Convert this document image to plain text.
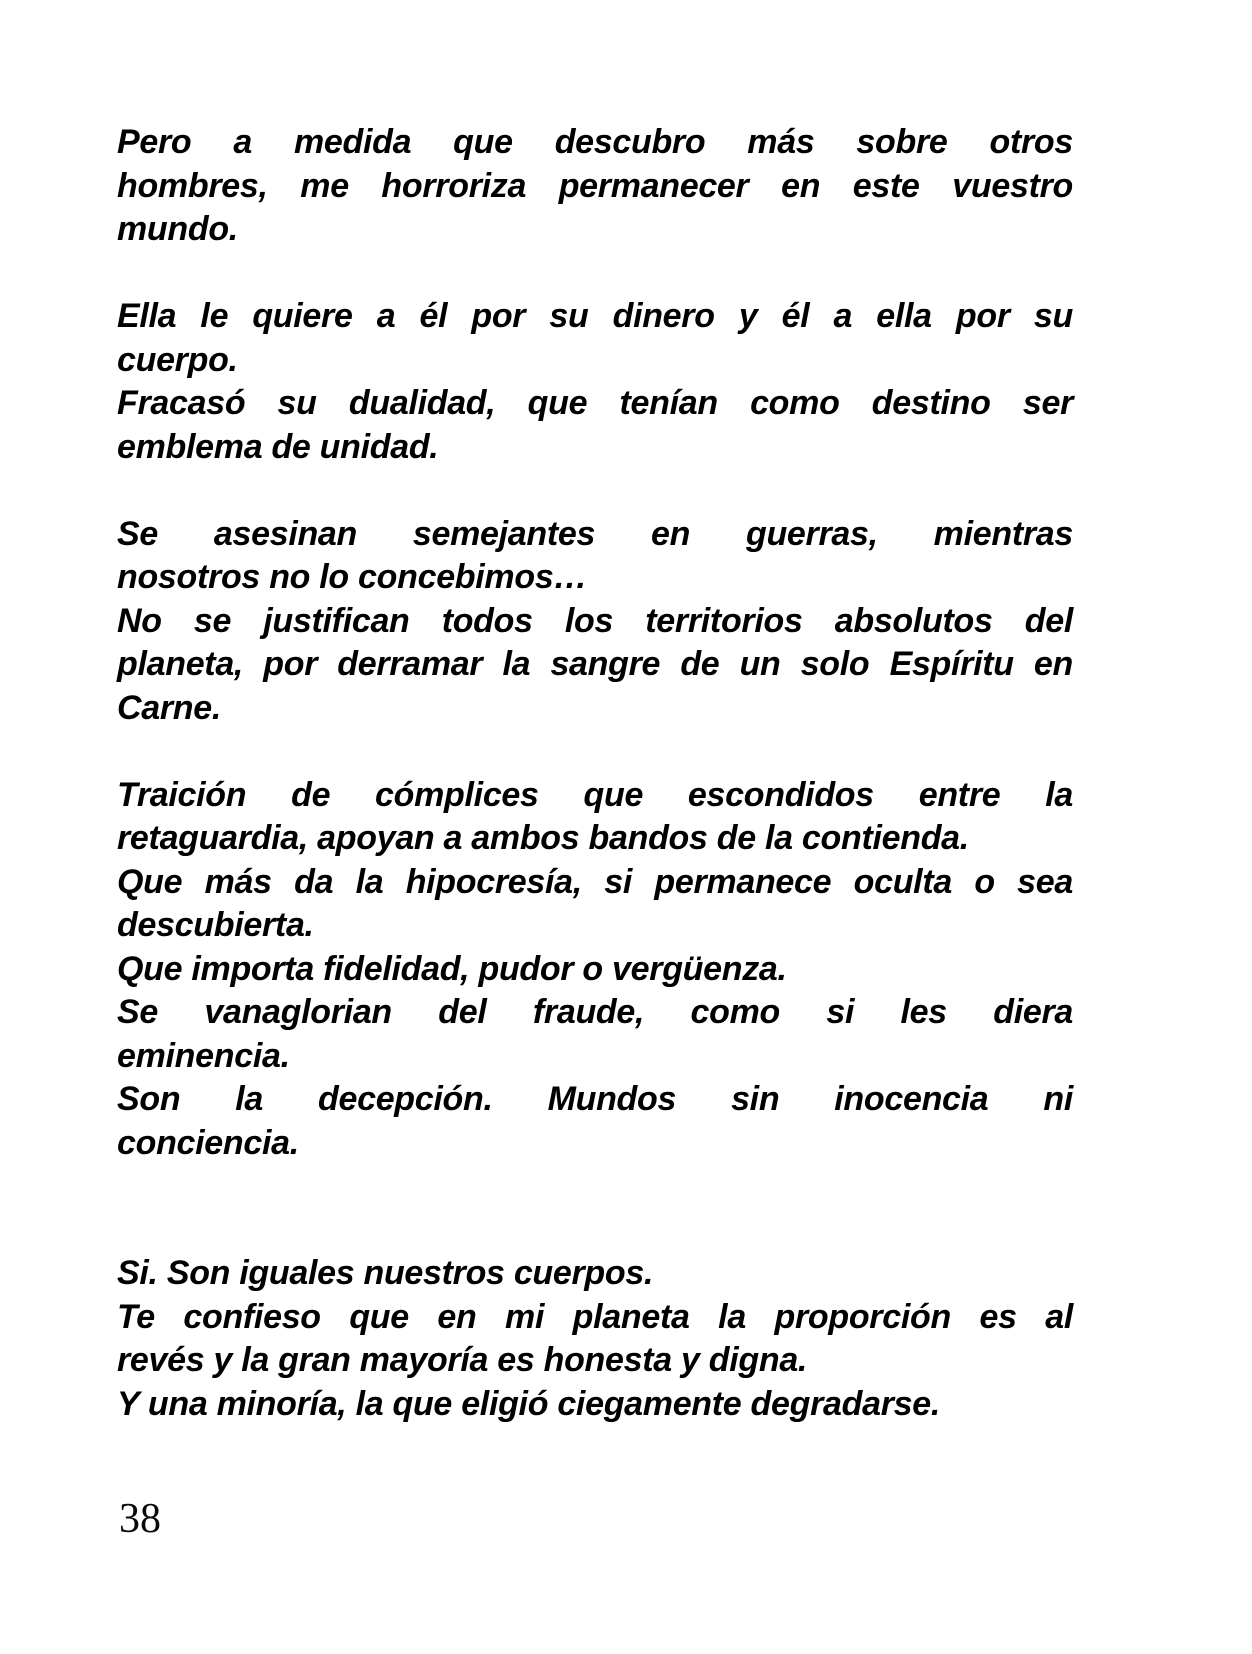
Pero a medida que descubro más sobre otros
hombres, me horroriza permanecer en este vuestro
mundo.
Ella le quiere a él por su dinero y él a ella por su
cuerpo.
Fracasó su dualidad, que tenían como destino ser
emblema de unidad.
Se asesinan semejantes en guerras, mientras
nosotros no lo concebimos…
No se justifican todos los territorios absolutos del
planeta, por derramar la sangre de un solo Espíritu en
Carne.
Traición de cómplices que escondidos entre la
retaguardia, apoyan a ambos bandos de la contienda.
Que más da la hipocresía, si permanece oculta o sea
descubierta.
Que importa fidelidad, pudor o vergüenza.
Se vanaglorian del fraude, como si les diera
eminencia.
Son la decepción. Mundos sin inocencia ni
conciencia.
Si. Son iguales nuestros cuerpos.
Te confieso que en mi planeta la proporción es al
revés y la gran mayoría es honesta y digna.
Y una minoría, la que eligió ciegamente degradarse.
38
